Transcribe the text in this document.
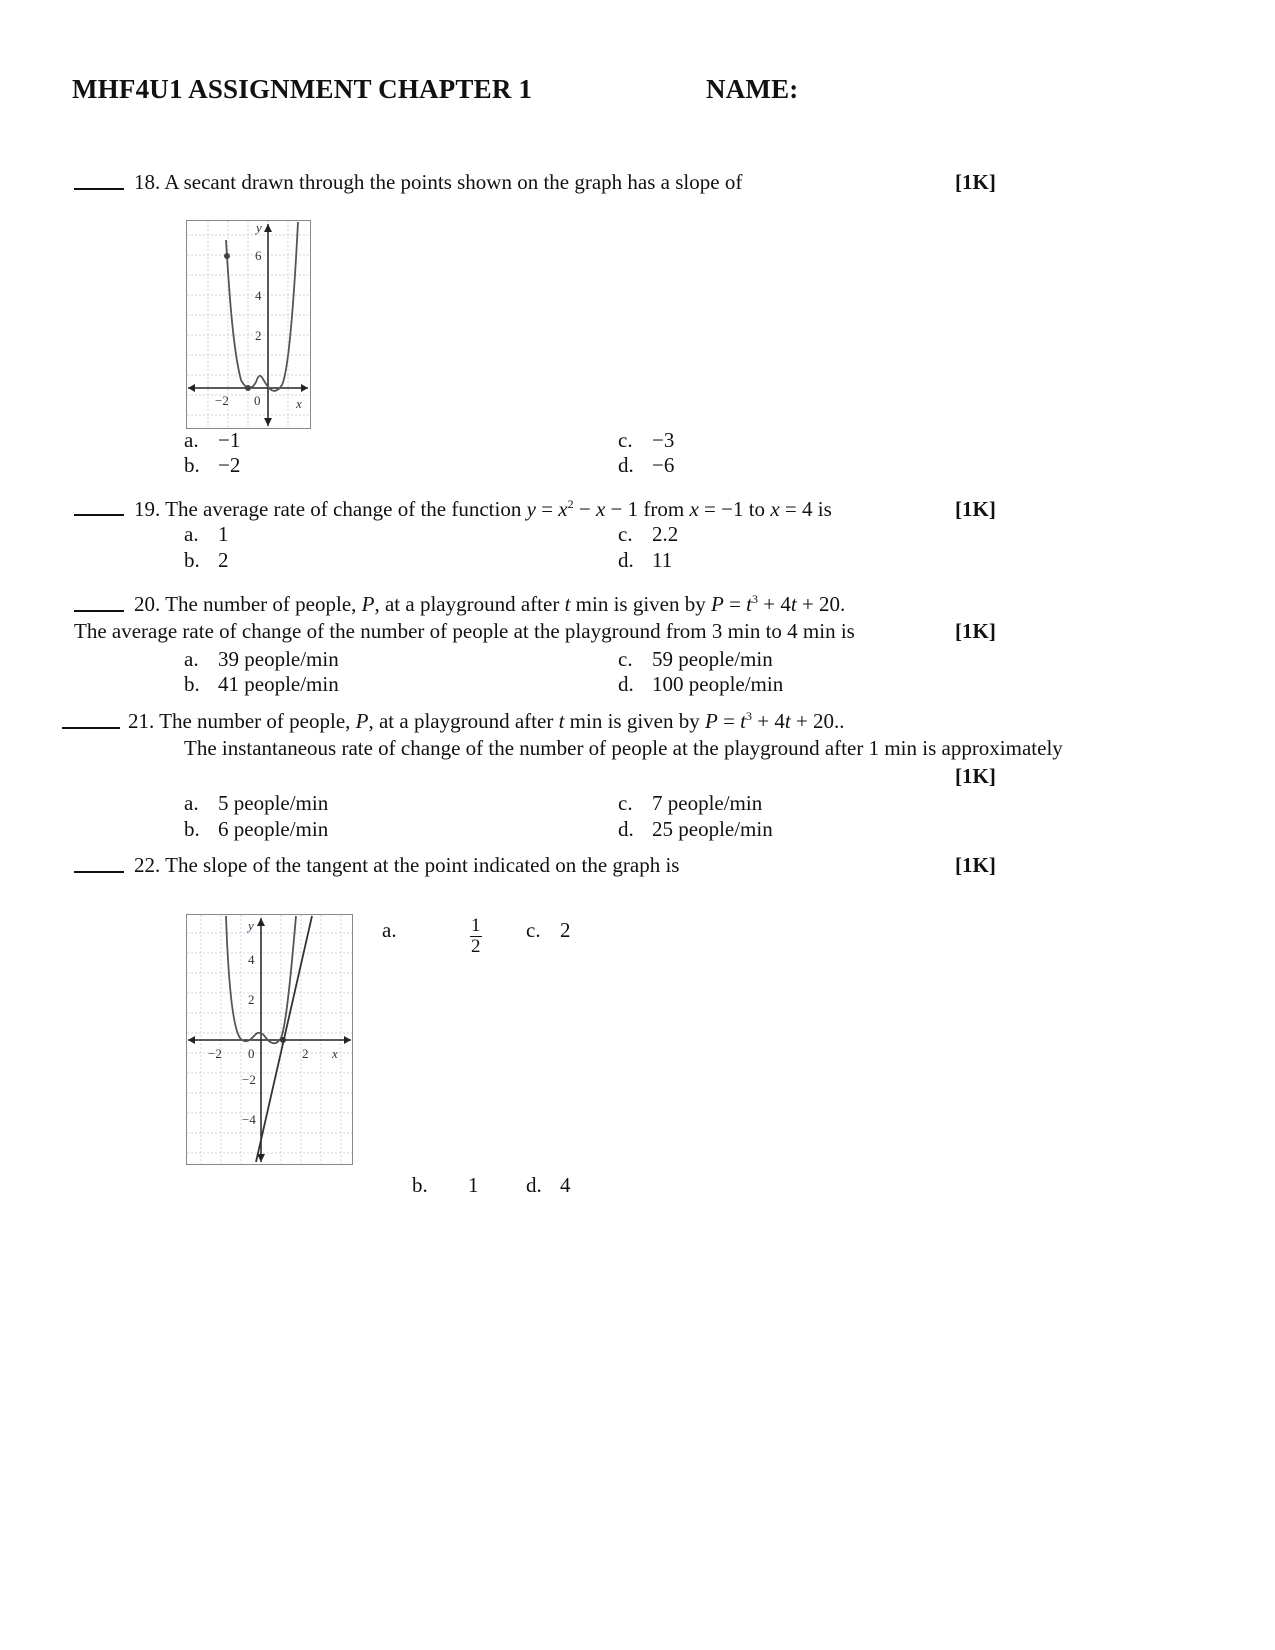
MHF4U1 ASSIGNMENT CHAPTER 1	NAME:
18. A secant drawn through the points shown on the graph has a slope of	[1K]
y
x
6
4
2
−2 0
a. −1
b. −2
c. −3
d. −6
19. The average rate of change of the function $y = x^2 - x - 1$ from x = −1 to x = 4 is	[1K]
a. 1
b. 2
c. 2.2
d. 11
20. The number of people, P, at a playground after t min is given by $P = t^3 + 4t + 20$.
The average rate of change of the number of people at the playground from 3 min to 4 min is	[1K]
a. 39 people/min
b. 41 people/min
c. 59 people/min
d. 100 people/min
21. The number of people, P, at a playground after t min is given by $P = t^3 + 4t + 20$..
The instantaneous rate of change of the number of people at the playground after 1 min is approximately
[1K]
a. 5 people/min
b. 6 people/min
c. 7 people/min
d. 25 people/min
22. The slope of the tangent at the point indicated on the graph is	[1K]
y
x
4
2
−2
−4
−2 0	2
a.	$\frac{1}{2} c$. 2
b. 1 d. 4
